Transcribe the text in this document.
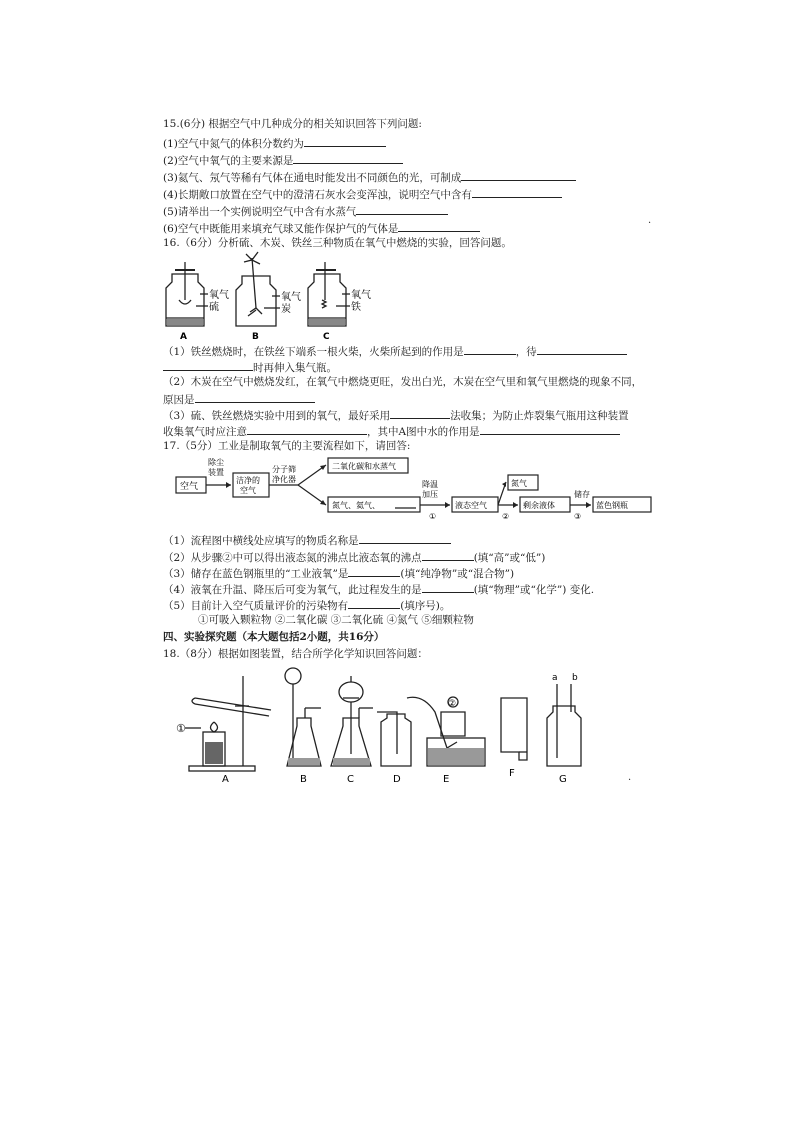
15.(6分) 根据空气中几种成分的相关知识回答下列问题:
(1)空气中氮气的体积分数约为
(2)空气中氧气的主要来源是
(3)氦气、氖气等稀有气体在通电时能发出不同颜色的光，可制成
(4)长期敞口放置在空气中的澄清石灰水会变浑浊，说明空气中含有
(5)请举出一个实例说明空气中含有水蒸气
(6)空气中既能用来填充气球又能作保护气的气体是	·
16.（6分）分析硫、木炭、铁丝三种物质在氧气中燃烧的实验，回答问题。
氧气
硫
氧气
炭
氧气
铁
A	B	C
（1）铁丝燃烧时，在铁丝下端系一根火柴，火柴所起到的作用是	，待
时再伸入集气瓶。
（2）木炭在空气中燃烧发红，在氧气中燃烧更旺，发出白光，木炭在空气里和氧气里燃烧的现象不同，
原因是
（3）硫、铁丝燃烧实验中用到的氧气，最好采用	法收集；为防止炸裂集气瓶用这种装置
收集氧气时应注意	，其中A图中水的作用是
17.（5分）工业是制取氧气的主要流程如下，请回答:
空气
除尘
装置
洁净的
空气
分子筛
净化器
二氧化碳和水蒸气
氮气、氦气、
降温
加压
①
液态空气
②
氮气
剩余液体
储存
③
蓝色钢瓶
（1）流程图中横线处应填写的物质名称是
（2）从步骤②中可以得出液态氮的沸点比液态氧的沸点	(填“高”或“低”)
（3）储存在蓝色钢瓶里的“工业液氧”是	(填“纯净物”或“混合物”)
（4）液氧在升温、降压后可变为氧气，此过程发生的是	(填“物理”或“化学”) 变化.
（5）目前计入空气质量评价的污染物有	(填序号)。
①可吸入颗粒物 ②二氧化碳 ③二氧化硫 ④氮气 ⑤细颗粒物
四、实验探究题（本大题包括2小题，共16分）
18.（8分）根据如图装置，结合所学化学知识回答问题：
①
②
a b
A	B	C	D	E
F
G	·
